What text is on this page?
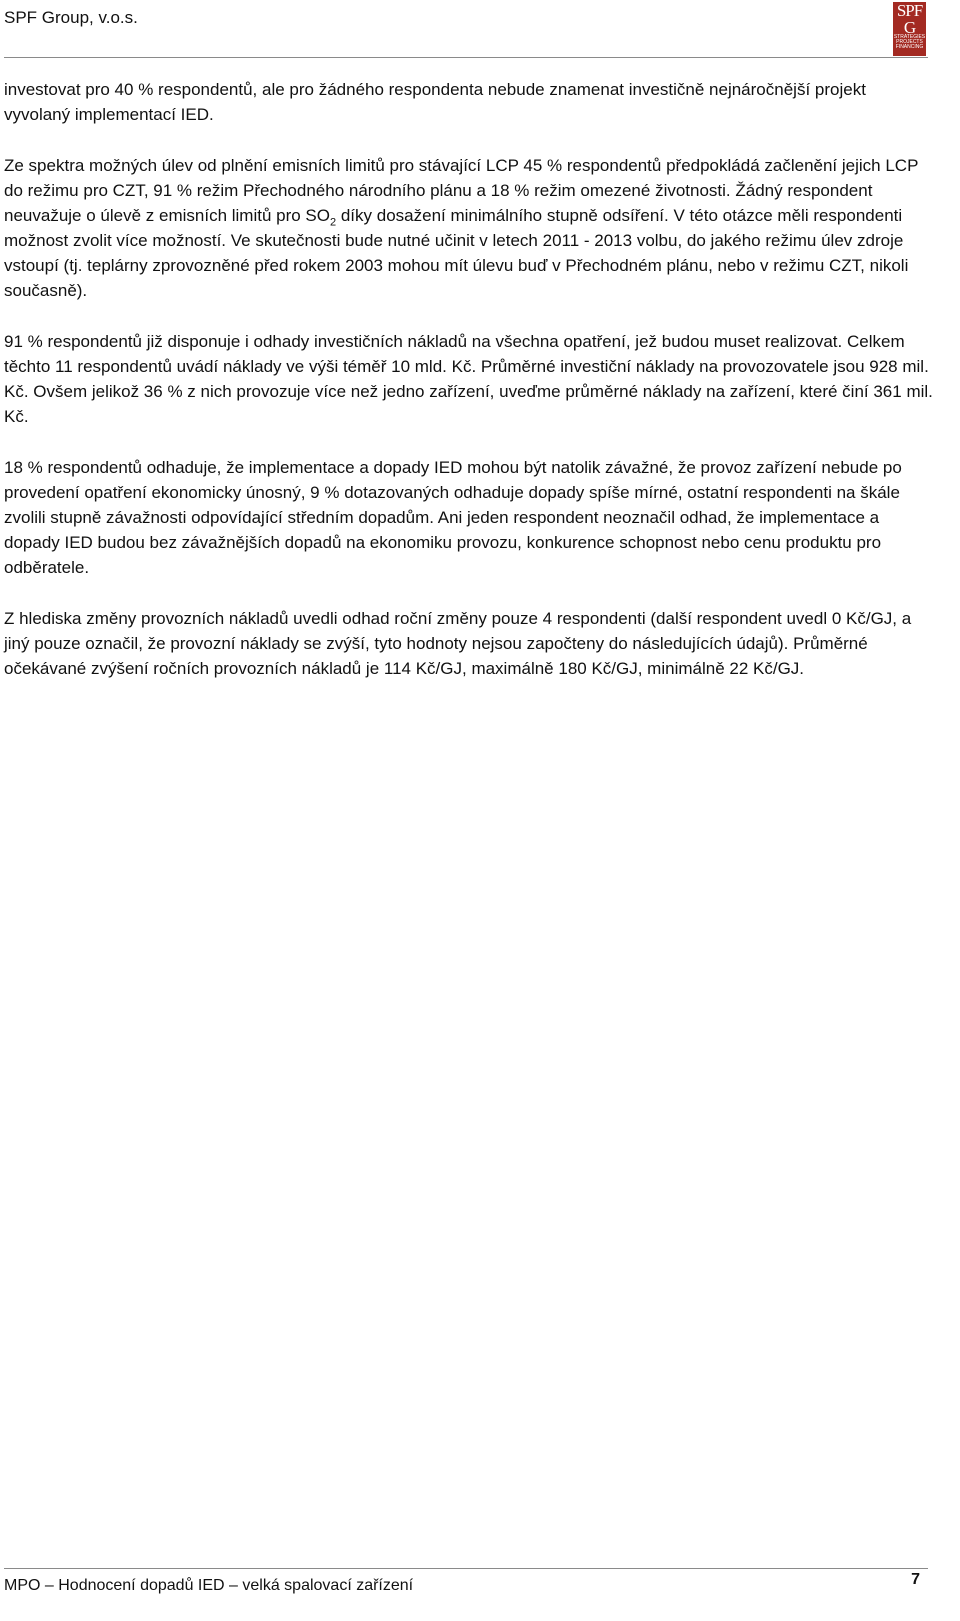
SPF Group, v.o.s.	SPF G
STRATEGIES
PROJECTS
FINANCING

investovat pro 40 % respondentů, ale pro žádného respondenta nebude znamenat investičně nejnáročnější projekt vyvolaný implementací IED.

Ze spektra možných úlev od plnění emisních limitů pro stávající LCP 45 % respondentů předpokládá začlenění jejich LCP do režimu pro CZT, 91 % režim Přechodného národního plánu a 18 % režim omezené životnosti. Žádný respondent neuvažuje o úlevě z emisních limitů pro $SO_2$ díky dosažení minimálního stupně odsíření. V této otázce měli respondenti možnost zvolit více možností. Ve skutečnosti bude nutné učinit v letech 2011 - 2013 volbu, do jakého režimu úlev zdroje vstoupí (tj. teplárny zprovozněné před rokem 2003 mohou mít úlevu buď v Přechodném plánu, nebo v režimu CZT, nikoli současně).

91 % respondentů již disponuje i odhady investičních nákladů na všechna opatření, jež budou muset realizovat. Celkem těchto 11 respondentů uvádí náklady ve výši téměř 10 mld. Kč. Průměrné investiční náklady na provozovatele jsou 928 mil. Kč. Ovšem jelikož 36 % z nich provozuje více než jedno zařízení, uveďme průměrné náklady na zařízení, které činí 361 mil. Kč.

18 % respondentů odhaduje, že implementace a dopady IED mohou být natolik závažné, že provoz zařízení nebude po provedení opatření ekonomicky únosný, 9 % dotazovaných odhaduje dopady spíše mírné, ostatní respondenti na škále zvolili stupně závažnosti odpovídající středním dopadům. Ani jeden respondent neoznačil odhad, že implementace a dopady IED budou bez závažnějších dopadů na ekonomiku provozu, konkurence schopnost nebo cenu produktu pro odběratele.

Z hlediska změny provozních nákladů uvedli odhad roční změny pouze 4 respondenti (další respondent uvedl 0 Kč/GJ, a jiný pouze označil, že provozní náklady se zvýší, tyto hodnoty nejsou započteny do následujících údajů). Průměrné očekávané zvýšení ročních provozních nákladů je 114 Kč/GJ, maximálně 180 Kč/GJ, minimálně 22 Kč/GJ.

MPO – Hodnocení dopadů IED – velká spalovací zařízení	7
